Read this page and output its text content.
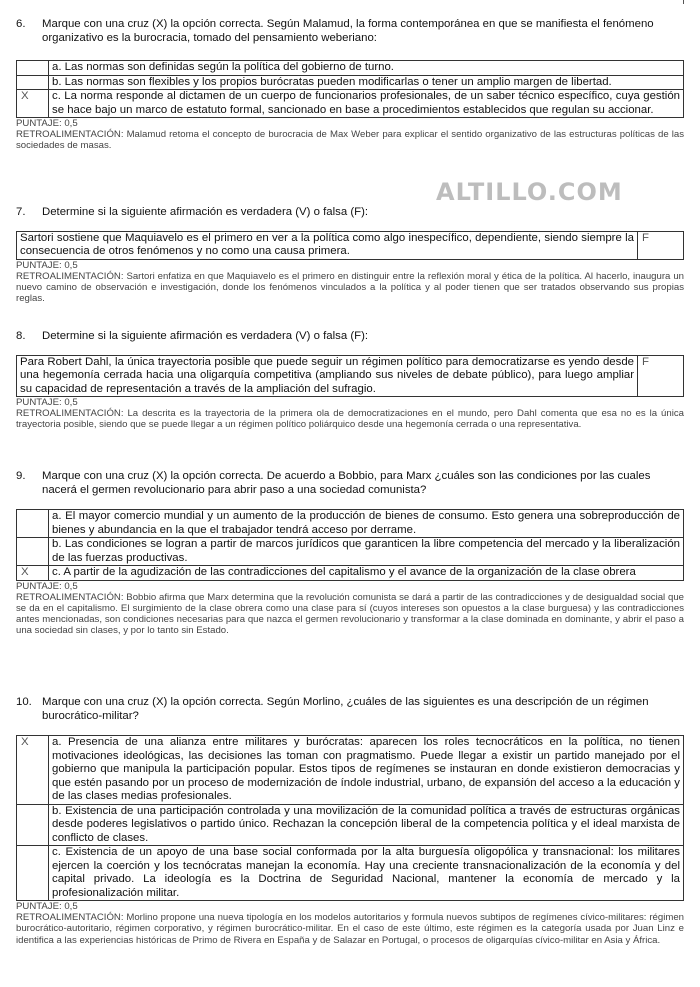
6.	Marque con una cruz (X) la opción correcta. Según Malamud, la forma contemporánea en que se manifiesta el fenómeno organizativo es la burocracia, tomado del pensamiento weberiano:
	a. Las normas son definidas según la política del gobierno de turno.
	b. Las normas son flexibles y los propios burócratas pueden modificarlas o tener un amplio margen de libertad.
X	c. La norma responde al dictamen de un cuerpo de funcionarios profesionales, de un saber técnico específico, cuya gestión se hace bajo un marco de estatuto formal, sancionado en base a procedimientos establecidos que regulan su accionar.
PUNTAJE: 0,5
RETROALIMENTACIÓN: Malamud retoma el concepto de burocracia de Max Weber para explicar el sentido organizativo de las estructuras políticas de las sociedades de masas.
ALTILLO.COM
7.	Determine si la siguiente afirmación es verdadera (V) o falsa (F):
Sartori sostiene que Maquiavelo es el primero en ver a la política como algo inespecífico, dependiente, siendo siempre la consecuencia de otros fenómenos y no como una causa primera.	F
PUNTAJE: 0,5
RETROALIMENTACIÓN: Sartori enfatiza en que Maquiavelo es el primero en distinguir entre la reflexión moral y ética de la política. Al hacerlo, inaugura un nuevo camino de observación e investigación, donde los fenómenos vinculados a la política y al poder tienen que ser tratados observando sus propias reglas.
8.	Determine si la siguiente afirmación es verdadera (V) o falsa (F):
Para Robert Dahl, la única trayectoria posible que puede seguir un régimen político para democratizarse es yendo desde una hegemonía cerrada hacia una oligarquía competitiva (ampliando sus niveles de debate público), para luego ampliar su capacidad de representación a través de la ampliación del sufragio.	F
PUNTAJE: 0,5
RETROALIMENTACIÓN: La descrita es la trayectoria de la primera ola de democratizaciones en el mundo, pero Dahl comenta que esa no es la única trayectoria posible, siendo que se puede llegar a un régimen político poliárquico desde una hegemonía cerrada o una representativa.
9.	Marque con una cruz (X) la opción correcta. De acuerdo a Bobbio, para Marx ¿cuáles son las condiciones por las cuales nacerá el germen revolucionario para abrir paso a una sociedad comunista?
	a. El mayor comercio mundial y un aumento de la producción de bienes de consumo. Esto genera una sobreproducción de bienes y abundancia en la que el trabajador tendrá acceso por derrame.
	b. Las condiciones se logran a partir de marcos jurídicos que garanticen la libre competencia del mercado y la liberalización de las fuerzas productivas.
X	c. A partir de la agudización de las contradicciones del capitalismo y el avance de la organización de la clase obrera
PUNTAJE: 0,5
RETROALIMENTACIÓN: Bobbio afirma que Marx determina que la revolución comunista se dará a partir de las contradicciones y de desigualdad social que se da en el capitalismo. El surgimiento de la clase obrera como una clase para sí (cuyos intereses son opuestos a la clase burguesa) y las contradicciones antes mencionadas, son condiciones necesarias para que nazca el germen revolucionario y transformar a la clase dominada en dominante, y abrir el paso a una sociedad sin clases, y por lo tanto sin Estado.
10. Marque con una cruz (X) la opción correcta. Según Morlino, ¿cuáles de las siguientes es una descripción de un régimen burocrático-militar?
X	a. Presencia de una alianza entre militares y burócratas: aparecen los roles tecnocráticos en la política, no tienen motivaciones ideológicas, las decisiones las toman con pragmatismo. Puede llegar a existir un partido manejado por el gobierno que manipula la participación popular. Estos tipos de regímenes se instauran en donde existieron democracias y que estén pasando por un proceso de modernización de índole industrial, urbano, de expansión del acceso a la educación y de las clases medias profesionales.
	b. Existencia de una participación controlada y una movilización de la comunidad política a través de estructuras orgánicas desde poderes legislativos o partido único. Rechazan la concepción liberal de la competencia política y el ideal marxista de conflicto de clases.
	c. Existencia de un apoyo de una base social conformada por la alta burguesía oligopólica y transnacional: los militares ejercen la coerción y los tecnócratas manejan la economía. Hay una creciente transnacionalización de la economía y del capital privado. La ideología es la Doctrina de Seguridad Nacional, mantener la economía de mercado y la profesionalización militar.
PUNTAJE: 0,5
RETROALIMENTACIÓN: Morlino propone una nueva tipología en los modelos autoritarios y formula nuevos subtipos de regímenes cívico-militares: régimen burocrático-autoritario, régimen corporativo, y régimen burocrático-militar. En el caso de este último, este régimen es la categoría usada por Juan Linz e identifica a las experiencias históricas de Primo de Rivera en España y de Salazar en Portugal, o procesos de oligarquías cívico-militar en Asia y África.
